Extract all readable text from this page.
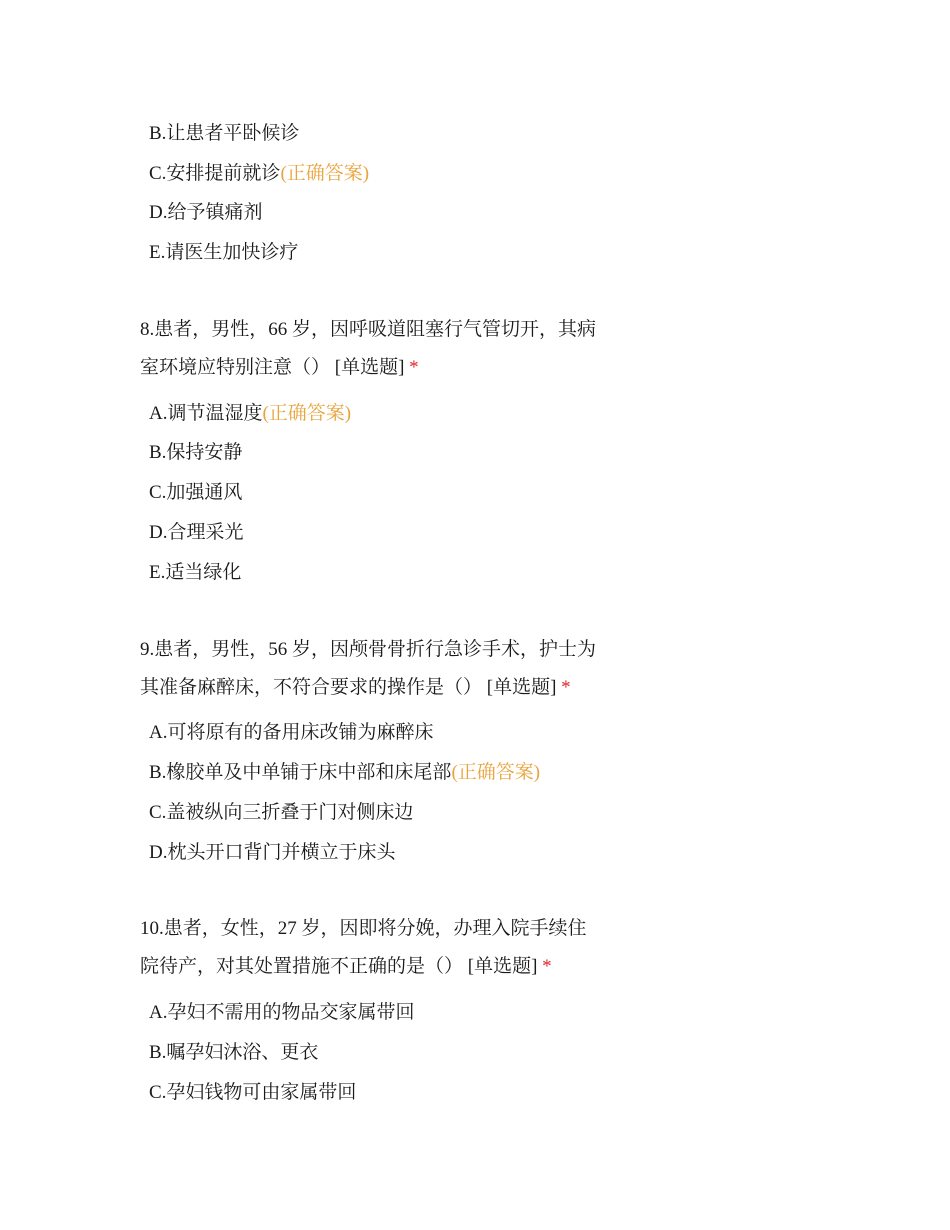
B.让患者平卧候诊
C.安排提前就诊(正确答案)
D.给予镇痛剂
E.请医生加快诊疗
8.患者，男性，66 岁，因呼吸道阻塞行气管切开，其病
室环境应特别注意（） [单选题] *
A.调节温湿度(正确答案)
B.保持安静
C.加强通风
D.合理采光
E.适当绿化
9.患者，男性，56 岁，因颅骨骨折行急诊手术，护士为
其准备麻醉床，不符合要求的操作是（） [单选题] *
A.可将原有的备用床改铺为麻醉床
B.橡胶单及中单铺于床中部和床尾部(正确答案)
C.盖被纵向三折叠于门对侧床边
D.枕头开口背门并横立于床头
10.患者，女性，27 岁，因即将分娩，办理入院手续住
院待产，对其处置措施不正确的是（） [单选题] *
A.孕妇不需用的物品交家属带回
B.嘱孕妇沐浴、更衣
C.孕妇钱物可由家属带回
